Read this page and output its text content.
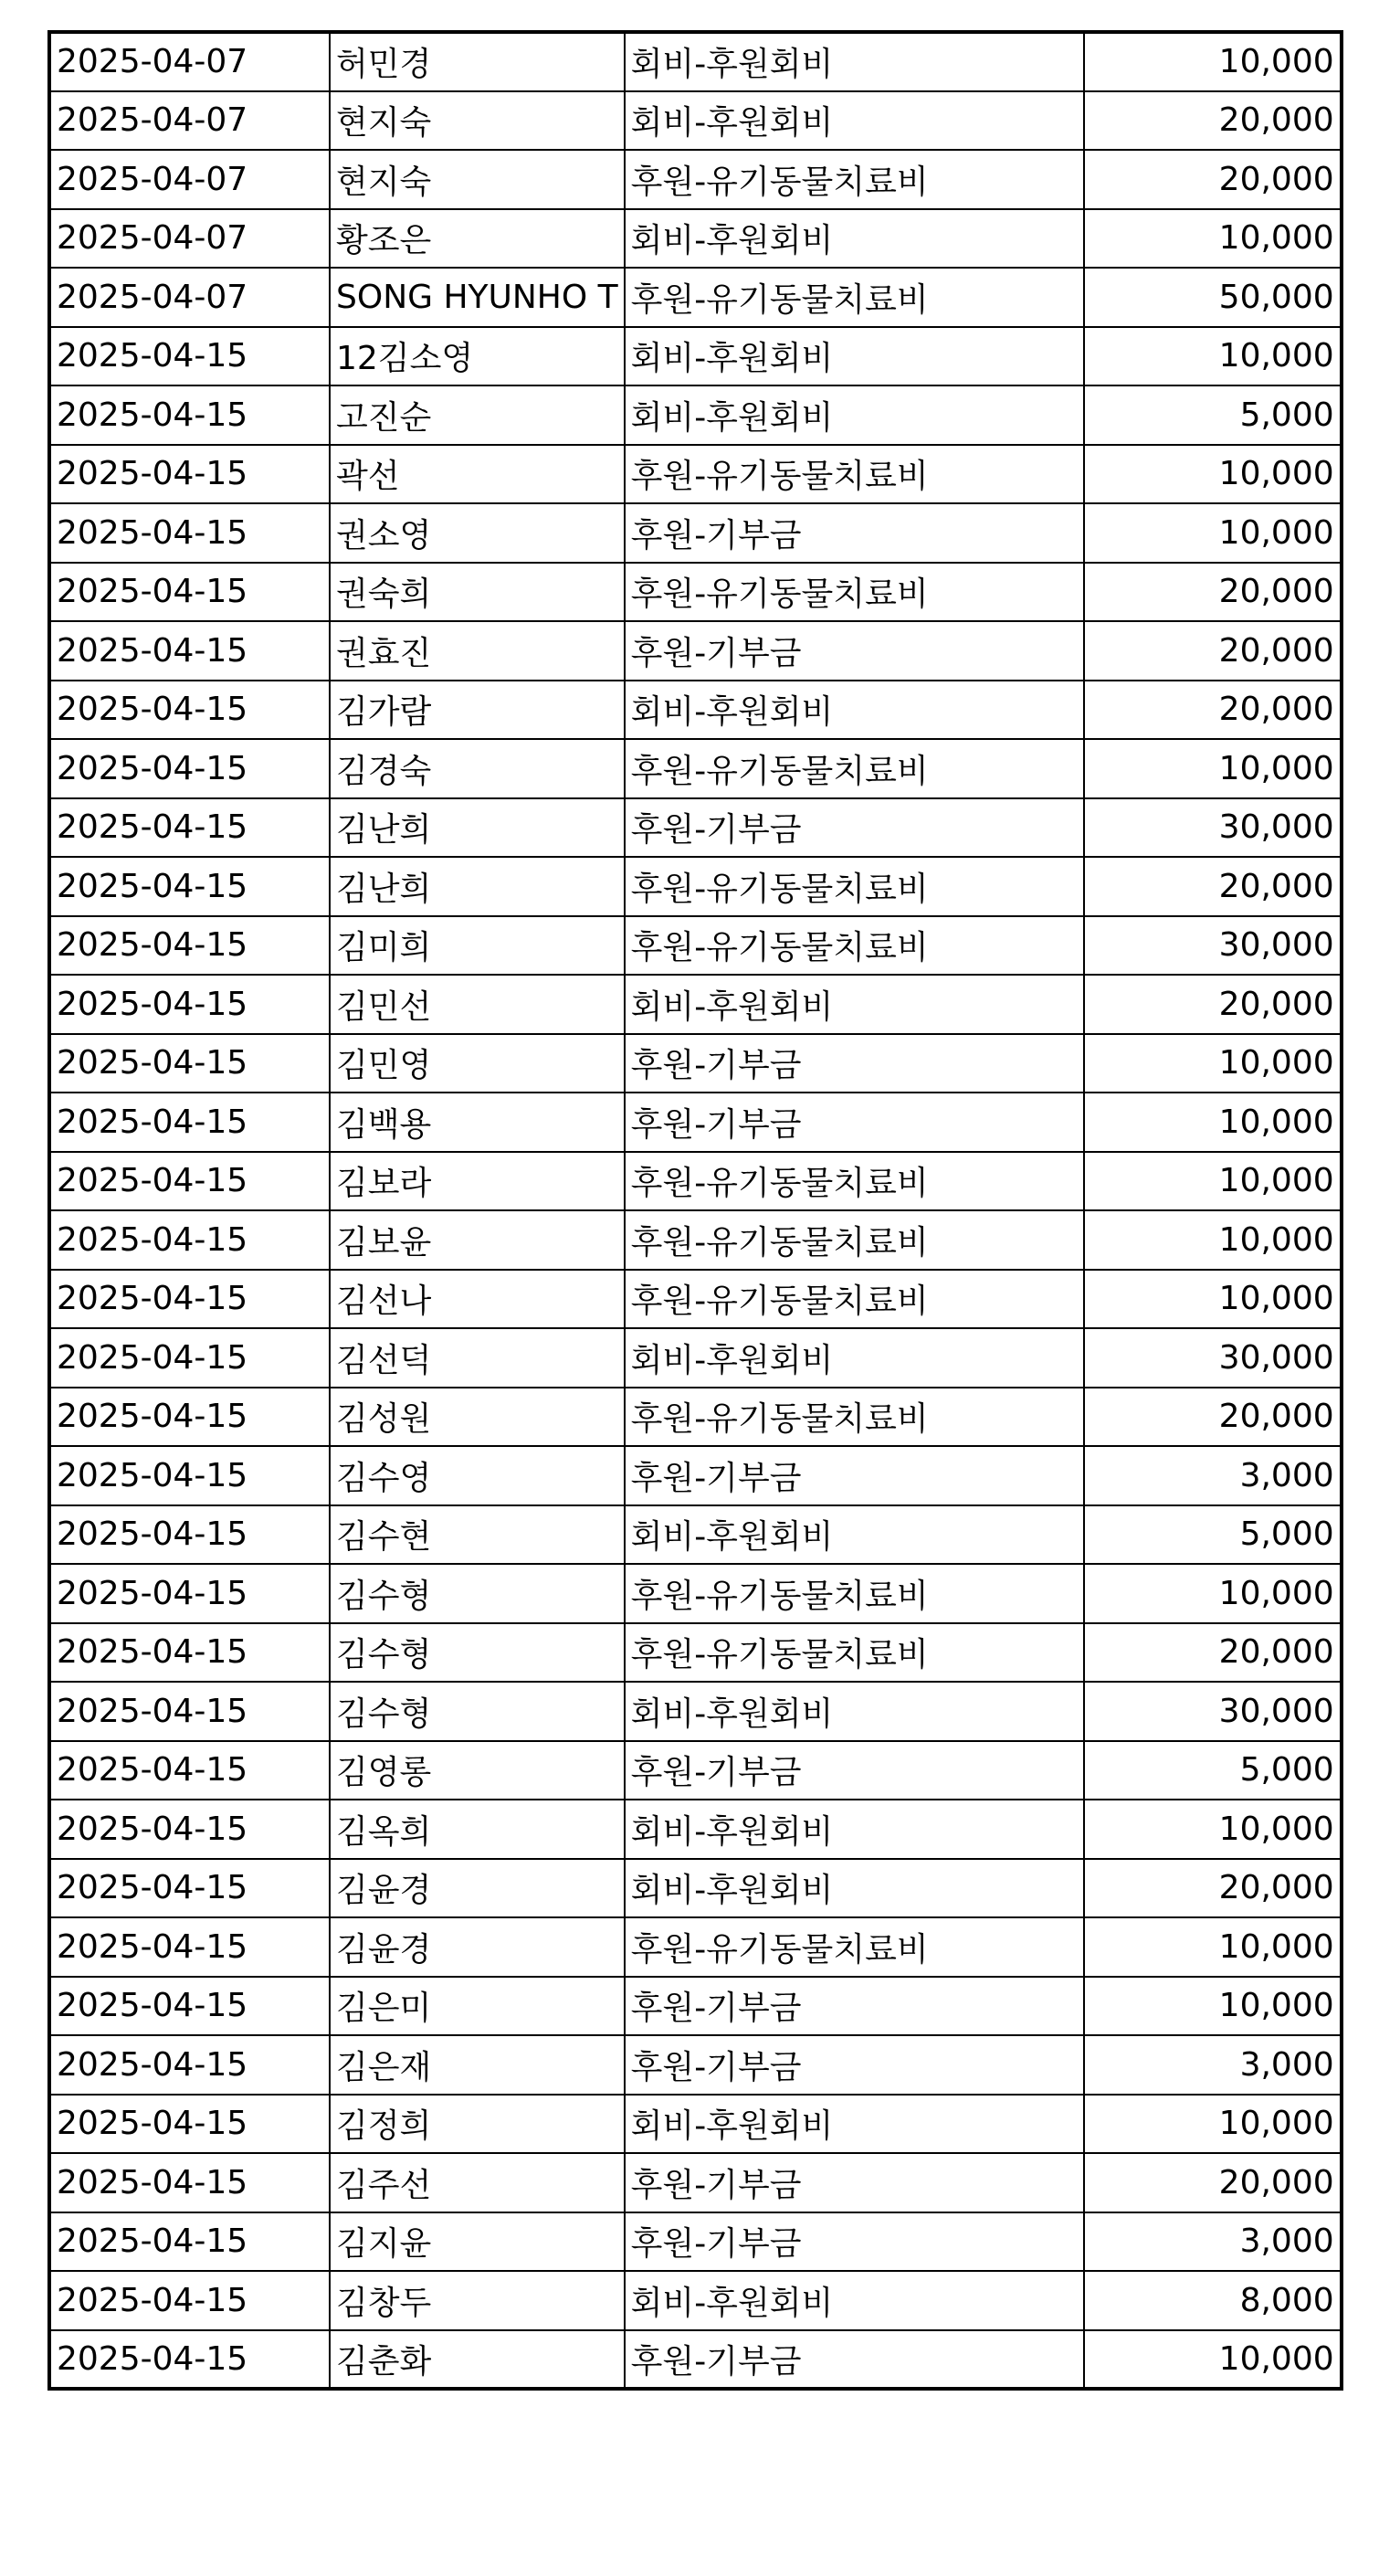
2025-04-07	허민경	회비-후원회비	10,000
2025-04-07	현지숙	회비-후원회비	20,000
2025-04-07	현지숙	후원-유기동물치료비	20,000
2025-04-07	황조은	회비-후원회비	10,000
2025-04-07	SONG HYUNHO T	후원-유기동물치료비	50,000
2025-04-15	12김소영	회비-후원회비	10,000
2025-04-15	고진순	회비-후원회비	5,000
2025-04-15	곽선	후원-유기동물치료비	10,000
2025-04-15	권소영	후원-기부금	10,000
2025-04-15	권숙희	후원-유기동물치료비	20,000
2025-04-15	권효진	후원-기부금	20,000
2025-04-15	김가람	회비-후원회비	20,000
2025-04-15	김경숙	후원-유기동물치료비	10,000
2025-04-15	김난희	후원-기부금	30,000
2025-04-15	김난희	후원-유기동물치료비	20,000
2025-04-15	김미희	후원-유기동물치료비	30,000
2025-04-15	김민선	회비-후원회비	20,000
2025-04-15	김민영	후원-기부금	10,000
2025-04-15	김백용	후원-기부금	10,000
2025-04-15	김보라	후원-유기동물치료비	10,000
2025-04-15	김보윤	후원-유기동물치료비	10,000
2025-04-15	김선나	후원-유기동물치료비	10,000
2025-04-15	김선덕	회비-후원회비	30,000
2025-04-15	김성원	후원-유기동물치료비	20,000
2025-04-15	김수영	후원-기부금	3,000
2025-04-15	김수현	회비-후원회비	5,000
2025-04-15	김수형	후원-유기동물치료비	10,000
2025-04-15	김수형	후원-유기동물치료비	20,000
2025-04-15	김수형	회비-후원회비	30,000
2025-04-15	김영롱	후원-기부금	5,000
2025-04-15	김옥희	회비-후원회비	10,000
2025-04-15	김윤경	회비-후원회비	20,000
2025-04-15	김윤경	후원-유기동물치료비	10,000
2025-04-15	김은미	후원-기부금	10,000
2025-04-15	김은재	후원-기부금	3,000
2025-04-15	김정희	회비-후원회비	10,000
2025-04-15	김주선	후원-기부금	20,000
2025-04-15	김지윤	후원-기부금	3,000
2025-04-15	김창두	회비-후원회비	8,000
2025-04-15	김춘화	후원-기부금	10,000
